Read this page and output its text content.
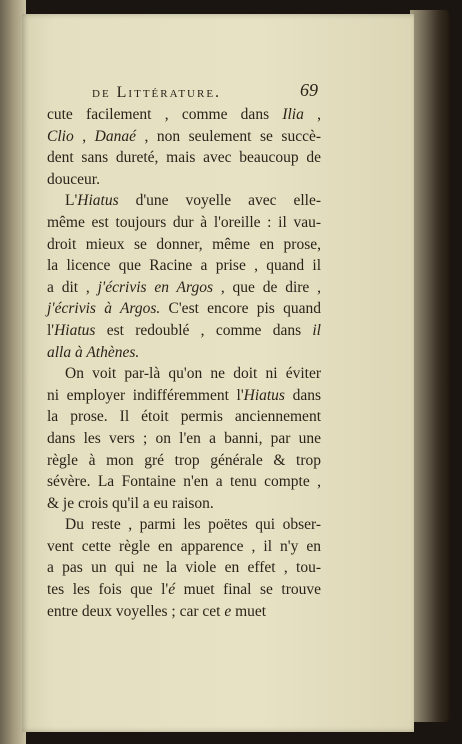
de Littérature.	69

cute facilement , comme dans Ilia ,
Clio , Danaé , non seulement se succè-
dent sans dureté, mais avec beaucoup de
douceur.

L'Hiatus d'une voyelle avec elle-
même est toujours dur à l'oreille : il vau-
droit mieux se donner, même en prose,
la licence que Racine a prise , quand il
a dit , j'écrivis en Argos , que de dire ,
j'écrivis à Argos. C'est encore pis quand
l'Hiatus est redoublé , comme dans il
alla à Athènes.

On voit par-là qu'on ne doit ni éviter
ni employer indifféremment l'Hiatus dans
la prose. Il étoit permis anciennement
dans les vers ; on l'en a banni, par une
règle à mon gré trop générale & trop
sévère. La Fontaine n'en a tenu compte ,
& je crois qu'il a eu raison.

Du reste , parmi les poëtes qui obser-
vent cette règle en apparence , il n'y en
a pas un qui ne la viole en effet , tou-
tes les fois que l'é muet final se trouve
entre deux voyelles ; car cet e muet
